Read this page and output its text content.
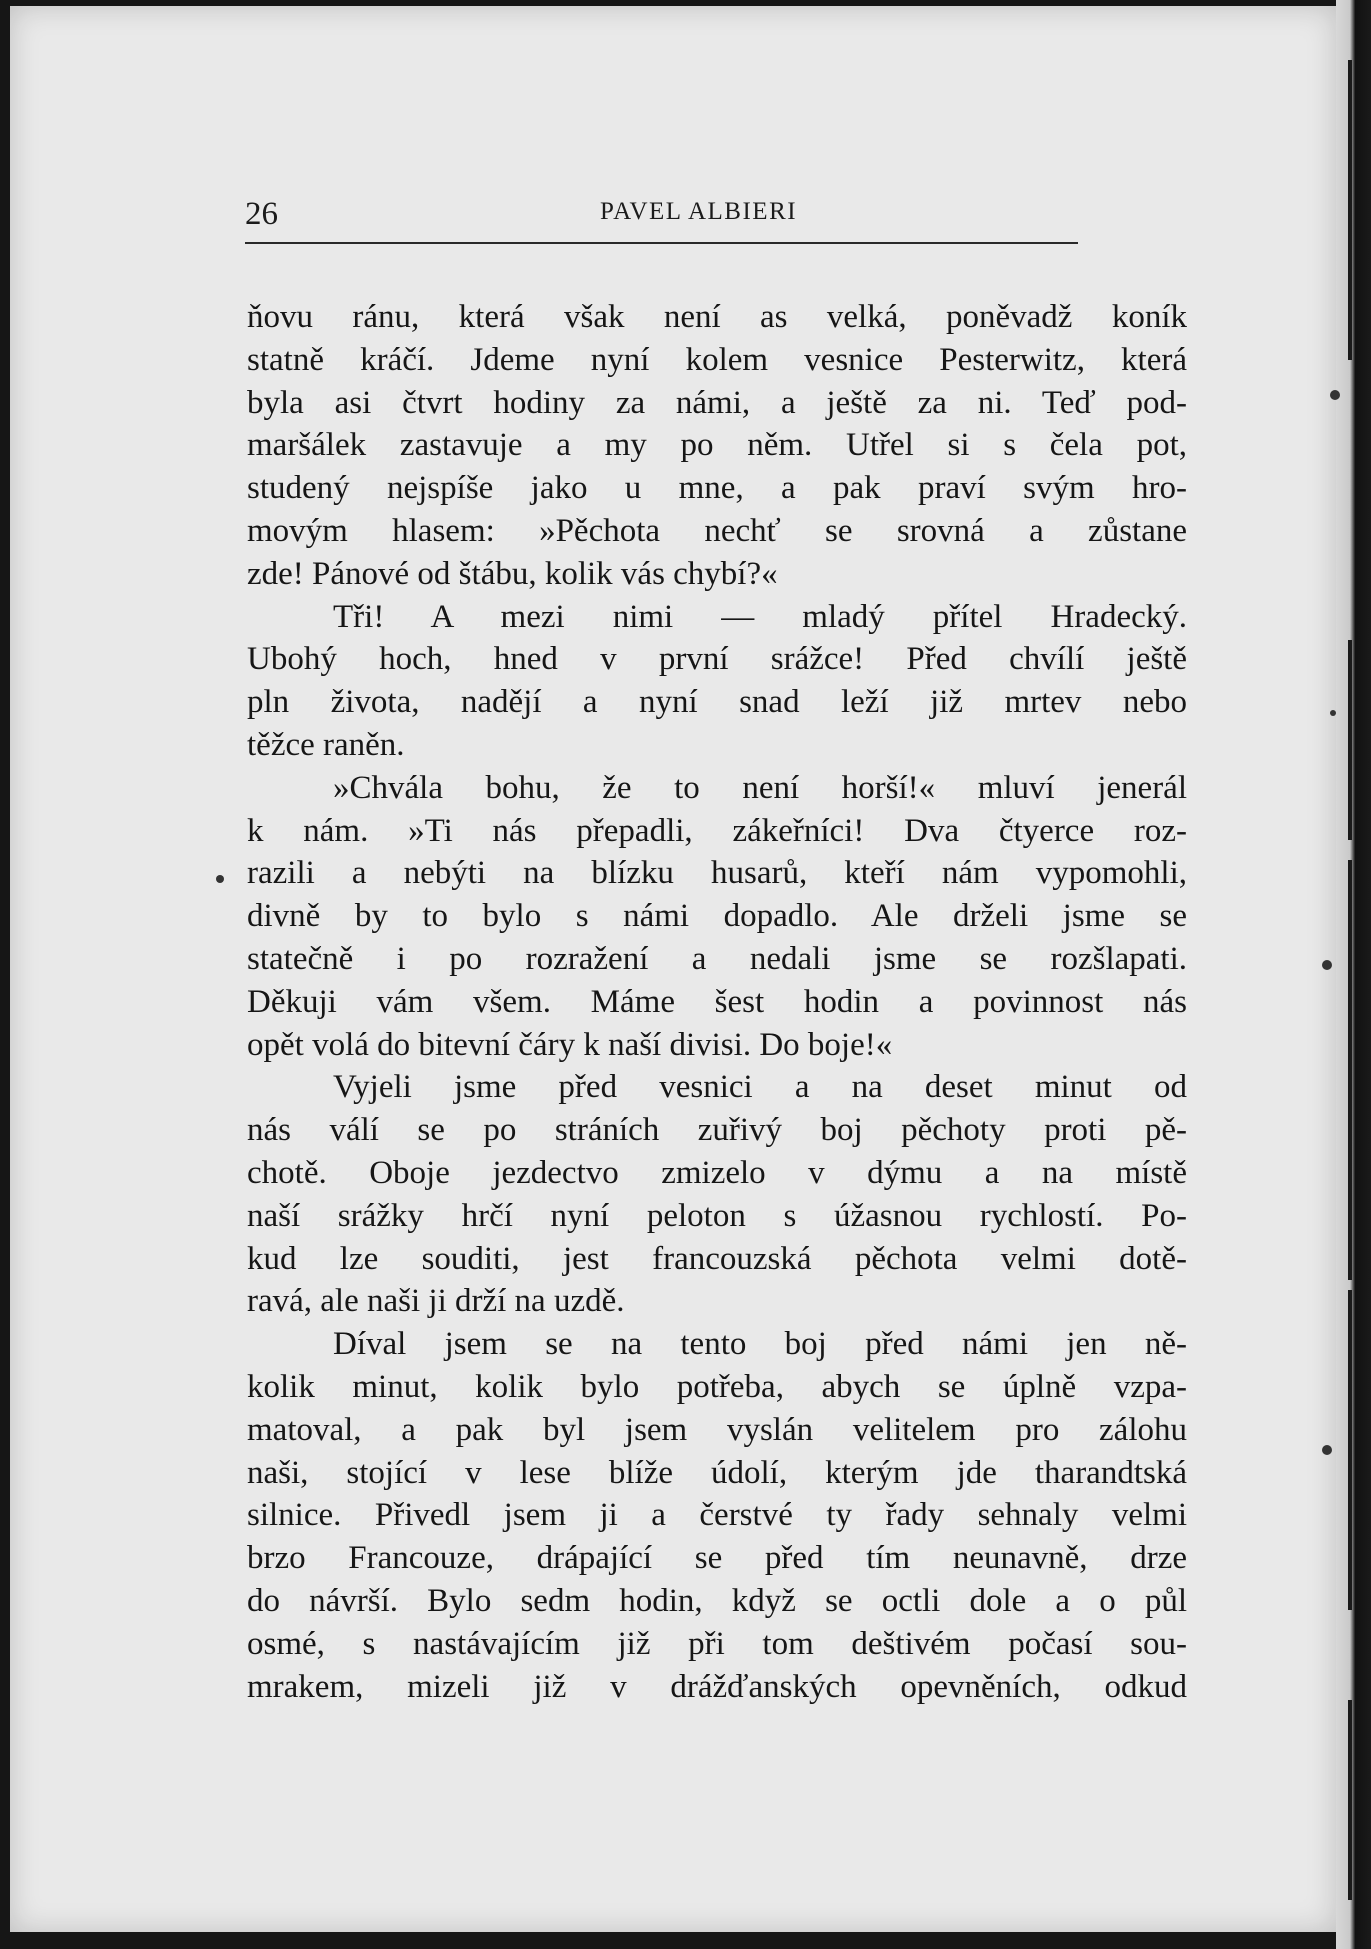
26	PAVEL ALBIERI
ňovu ránu, která však není as velká, poněvadž koník
statně kráčí. Jdeme nyní kolem vesnice Pesterwitz, která
byla asi čtvrt hodiny za námi, a ještě za ni. Teď pod-
maršálek zastavuje a my po něm. Utřel si s čela pot,
studený nejspíše jako u mne, a pak praví svým hro-
movým hlasem: »Pěchota nechť se srovná a zůstane
zde! Pánové od štábu, kolik vás chybí?«
Tři! A mezi nimi — mladý přítel Hradecký.
Ubohý hoch, hned v první srážce! Před chvílí ještě
pln života, nadějí a nyní snad leží již mrtev nebo
těžce raněn.
»Chvála bohu, že to není horší!« mluví jenerál
k nám. »Ti nás přepadli, zákeřníci! Dva čtyerce roz-
razili a nebýti na blízku husarů, kteří nám vypomohli,
divně by to bylo s námi dopadlo. Ale drželi jsme se
statečně i po rozražení a nedali jsme se rozšlapati.
Děkuji vám všem. Máme šest hodin a povinnost nás
opět volá do bitevní čáry k naší divisi. Do boje!«
Vyjeli jsme před vesnici a na deset minut od
nás válí se po stráních zuřivý boj pěchoty proti pě-
chotě. Oboje jezdectvo zmizelo v dýmu a na místě
naší srážky hrčí nyní peloton s úžasnou rychlostí. Po-
kud lze souditi, jest francouzská pěchota velmi dotě-
ravá, ale naši ji drží na uzdě.
Díval jsem se na tento boj před námi jen ně-
kolik minut, kolik bylo potřeba, abych se úplně vzpa-
matoval, a pak byl jsem vyslán velitelem pro zálohu
naši, stojící v lese blíže údolí, kterým jde tharandtská
silnice. Přivedl jsem ji a čerstvé ty řady sehnaly velmi
brzo Francouze, drápající se před tím neunavně, drze
do návrší. Bylo sedm hodin, když se octli dole a o půl
osmé, s nastávajícím již při tom deštivém počasí sou-
mrakem, mizeli již v drážďanských opevněních, odkud
